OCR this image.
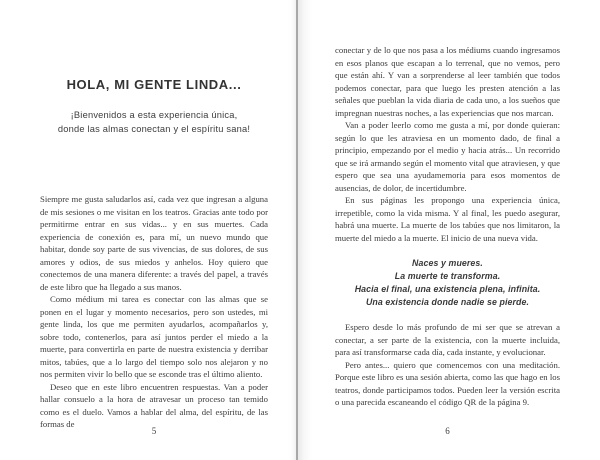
HOLA, MI GENTE LINDA...
¡Bienvenidos a esta experiencia única,
donde las almas conectan y el espíritu sana!

Siempre me gusta saludarlos así, cada vez que ingresan a alguna de mis sesiones o me visitan en los teatros. Gracias ante todo por permitirme entrar en sus vidas... y en sus muertes. Cada experiencia de conexión es, para mí, un nuevo mundo que habitar, donde soy parte de sus vivencias, de sus dolores, de sus amores y odios, de sus miedos y anhelos. Hoy quiero que conectemos de una manera diferente: a través del papel, a través de este libro que ha llegado a sus manos.

Como médium mi tarea es conectar con las almas que se ponen en el lugar y momento necesarios, pero son ustedes, mi gente linda, los que me permiten ayudarlos, acompañarlos y, sobre todo, contenerlos, para así juntos perder el miedo a la muerte, para convertirla en parte de nuestra existencia y derribar mitos, tabúes, que a lo largo del tiempo solo nos alejaron y no nos permiten vivir lo bello que se esconde tras el último aliento.

Deseo que en este libro encuentren respuestas. Van a poder hallar consuelo a la hora de atravesar un proceso tan temido como es el duelo. Vamos a hablar del alma, del espíritu, de las formas de

5

conectar y de lo que nos pasa a los médiums cuando ingresamos en esos planos que escapan a lo terrenal, que no vemos, pero que están ahí. Y van a sorprenderse al leer también que todos podemos conectar, para que luego les presten atención a las señales que pueblan la vida diaria de cada uno, a los sueños que impregnan nuestras noches, a las experiencias que nos marcan.

Van a poder leerlo como me gusta a mí, por donde quieran: según lo que les atraviesa en un momento dado, de final a principio, empezando por el medio y hacia atrás... Un recorrido que se irá armando según el momento vital que atraviesen, y que espero que sea una ayudamemoria para esos momentos de ausencias, de dolor, de incertidumbre.

En sus páginas les propongo una experiencia única, irrepetible, como la vida misma. Y al final, les puedo asegurar, habrá una muerte. La muerte de los tabúes que nos limitaron, la muerte del miedo a la muerte. El inicio de una nueva vida.

Naces y mueres.
La muerte te transforma.
Hacia el final, una existencia plena, infinita.
Una existencia donde nadie se pierde.

Espero desde lo más profundo de mi ser que se atrevan a conectar, a ser parte de la existencia, con la muerte incluida, para así transformarse cada día, cada instante, y evolucionar.

Pero antes... quiero que comencemos con una meditación. Porque este libro es una sesión abierta, como las que hago en los teatros, donde participamos todos. Pueden leer la versión escrita o una parecida escaneando el código QR de la página 9.

6
